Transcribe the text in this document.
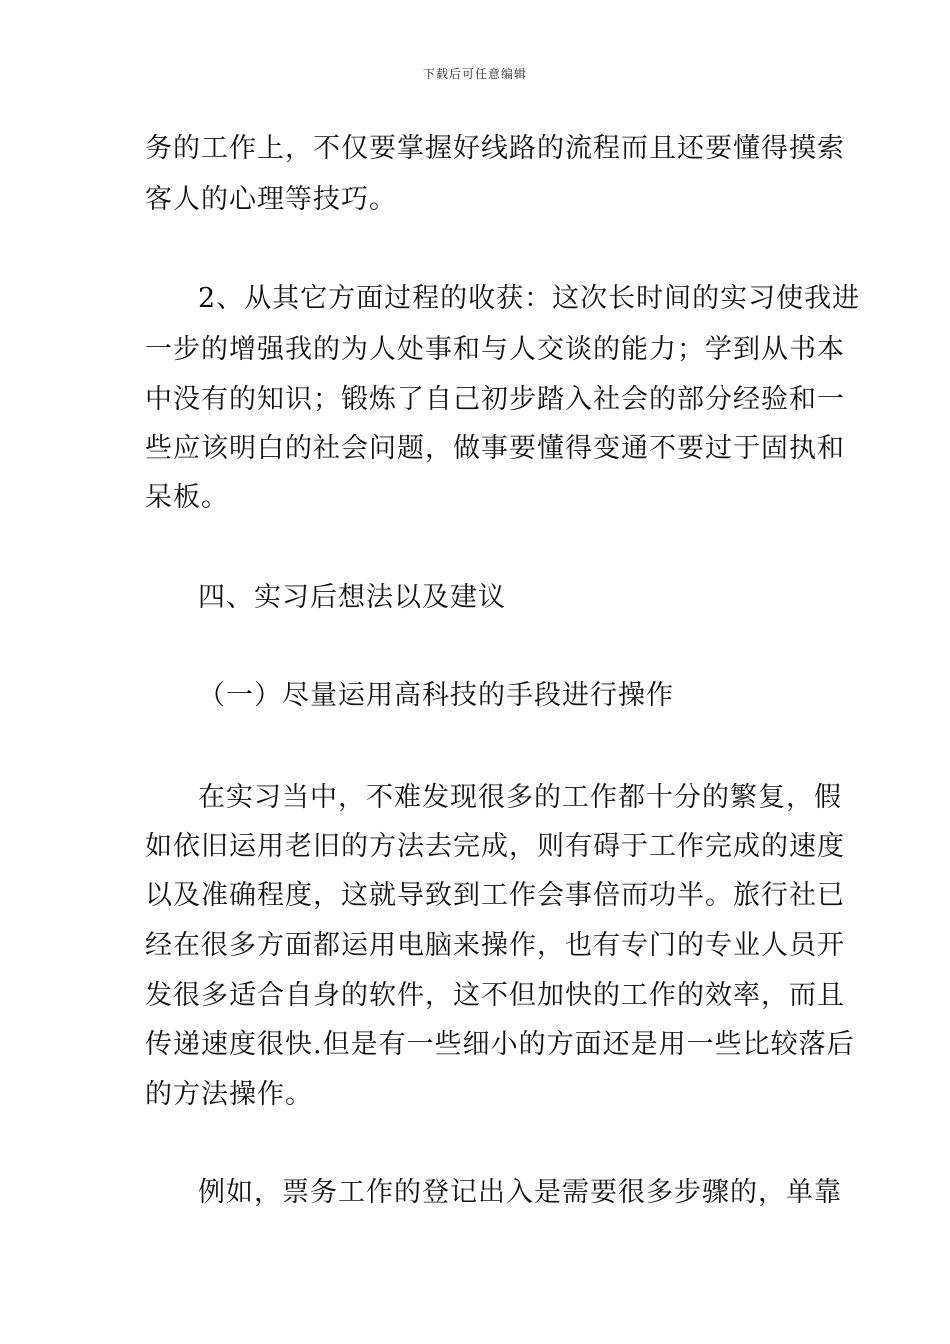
下载后可任意编辑
务的工作上，不仅要掌握好线路的流程而且还要懂得摸索
客人的心理等技巧。
2、从其它方面过程的收获：这次长时间的实习使我进
一步的增强我的为人处事和与人交谈的能力；学到从书本
中没有的知识；锻炼了自己初步踏入社会的部分经验和一
些应该明白的社会问题，做事要懂得变通不要过于固执和
呆板。
四、实习后想法以及建议
（一）尽量运用高科技的手段进行操作
在实习当中，不难发现很多的工作都十分的繁复，假
如依旧运用老旧的方法去完成，则有碍于工作完成的速度
以及准确程度，这就导致到工作会事倍而功半。旅行社已
经在很多方面都运用电脑来操作，也有专门的专业人员开
发很多适合自身的软件，这不但加快的工作的效率，而且
传递速度很快.但是有一些细小的方面还是用一些比较落后
的方法操作。
例如，票务工作的登记出入是需要很多步骤的，单靠
